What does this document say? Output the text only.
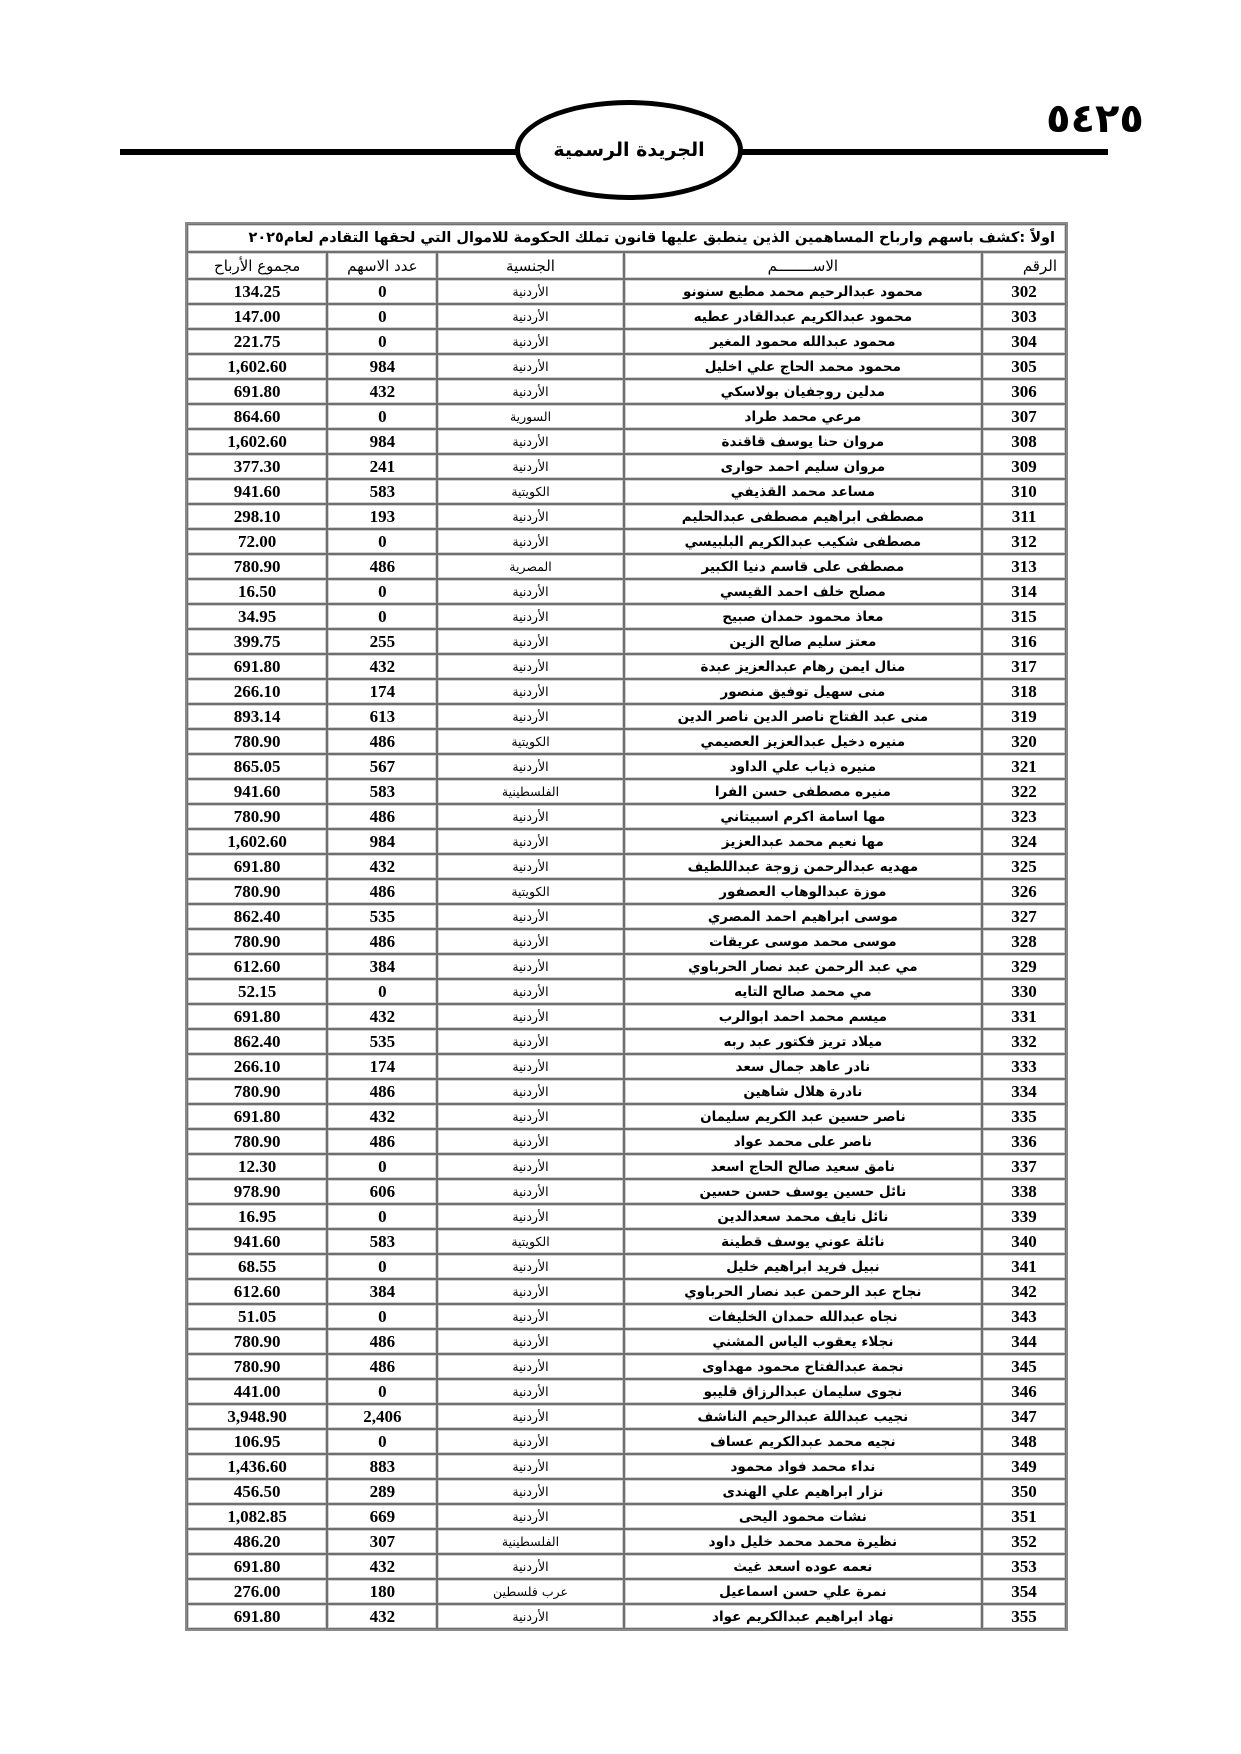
الجريدة الرسمية
٥٤٢٥
اولاً :كشف باسهم وارباح المساهمين الذين ينطبق عليها قانون تملك الحكومة للاموال التي لحقها التقادم لعام٢٠٢٥				
الرقم	الاســــــــم	الجنسية	عدد الاسهم	مجموع الأرباح
302	محمود عبدالرحيم محمد مطيع سنونو	الأردنية	0	134.25
303	محمود عبدالكريم عبدالقادر عطيه	الأردنية	0	147.00
304	محمود عبدالله محمود المغير	الأردنية	0	221.75
305	محمود محمد الحاج علي اخليل	الأردنية	984	1,602.60
306	مدلين روجفيان بولاسكي	الأردنية	432	691.80
307	مرعي محمد طراد	السورية	0	864.60
308	مروان حنا يوسف قاقندة	الأردنية	984	1,602.60
309	مروان سليم احمد حوارى	الأردنية	241	377.30
310	مساعد محمد القذيفي	الكويتية	583	941.60
311	مصطفى ابراهيم مصطفى عبدالحليم	الأردنية	193	298.10
312	مصطفى شكيب عبدالكريم البلبيسي	الأردنية	0	72.00
313	مصطفى على قاسم دنيا الكبير	المصرية	486	780.90
314	مصلح خلف احمد القيسي	الأردنية	0	16.50
315	معاذ محمود حمدان صبيح	الأردنية	0	34.95
316	معتز سليم صالح الزين	الأردنية	255	399.75
317	منال ايمن رهام عبدالعزيز عبدة	الأردنية	432	691.80
318	منى سهيل توفيق منصور	الأردنية	174	266.10
319	منى عبد الفتاح ناصر الدين ناصر الدين	الأردنية	613	893.14
320	منيره دخيل عبدالعزيز العصيمي	الكويتية	486	780.90
321	منيره ذياب علي الداود	الأردنية	567	865.05
322	منيره مصطفى حسن الفرا	الفلسطينية	583	941.60
323	مها اسامة اكرم اسبيتاني	الأردنية	486	780.90
324	مها نعيم محمد عبدالعزيز	الأردنية	984	1,602.60
325	مهديه عبدالرحمن زوجة عبداللطيف	الأردنية	432	691.80
326	موزة عبدالوهاب العصفور	الكويتية	486	780.90
327	موسى ابراهيم احمد المصري	الأردنية	535	862.40
328	موسى محمد موسى عريقات	الأردنية	486	780.90
329	مي عبد الرحمن عبد نصار الحرباوي	الأردنية	384	612.60
330	مي محمد صالح التايه	الأردنية	0	52.15
331	ميسم محمد احمد ابوالرب	الأردنية	432	691.80
332	ميلاد تريز فكتور عبد ربه	الأردنية	535	862.40
333	نادر عاهد جمال سعد	الأردنية	174	266.10
334	نادرة هلال شاهين	الأردنية	486	780.90
335	ناصر حسين عبد الكريم سليمان	الأردنية	432	691.80
336	ناصر على محمد عواد	الأردنية	486	780.90
337	نامق سعيد صالح الحاج اسعد	الأردنية	0	12.30
338	نائل حسين يوسف حسن حسين	الأردنية	606	978.90
339	نائل نايف محمد سعدالدين	الأردنية	0	16.95
340	نائلة عوني يوسف قطينة	الكويتية	583	941.60
341	نبيل فريد ابراهيم خليل	الأردنية	0	68.55
342	نجاح عبد الرحمن عبد نصار الحرباوي	الأردنية	384	612.60
343	نجاه عبدالله حمدان الخليفات	الأردنية	0	51.05
344	نجلاء يعقوب الياس المشني	الأردنية	486	780.90
345	نجمة عبدالفتاح محمود مهداوى	الأردنية	486	780.90
346	نجوى سليمان عبدالرزاق قليبو	الأردنية	0	441.00
347	نجيب عبداللة عبدالرحيم الناشف	الأردنية	2,406	3,948.90
348	نجيه محمد عبدالكريم عساف	الأردنية	0	106.95
349	نداء محمد فواد محمود	الأردنية	883	1,436.60
350	نزار ابراهيم علي الهندى	الأردنية	289	456.50
351	نشات محمود اليحى	الأردنية	669	1,082.85
352	نظيرة محمد محمد خليل داود	الفلسطينية	307	486.20
353	نعمه عوده اسعد غيث	الأردنية	432	691.80
354	نمرة علي حسن اسماعيل	عرب فلسطين	180	276.00
355	نهاد ابراهيم عبدالكريم عواد	الأردنية	432	691.80
